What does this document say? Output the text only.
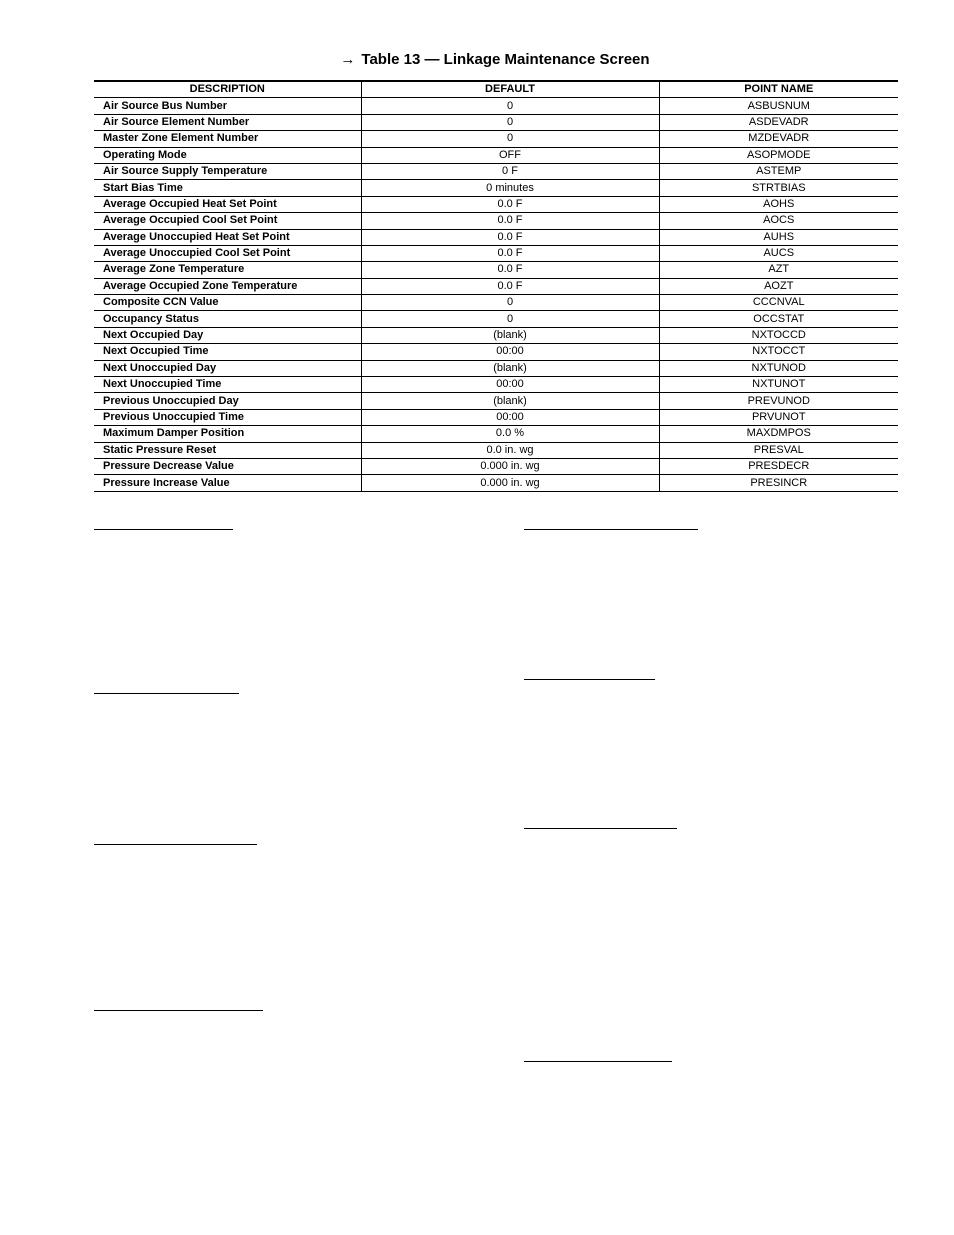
→ Table 13 — Linkage Maintenance Screen
DESCRIPTION	DEFAULT	POINT NAME
Air Source Bus Number	0	ASBUSNUM
Air Source Element Number	0	ASDEVADR
Master Zone Element Number	0	MZDEVADR
Operating Mode	OFF	ASOPMODE
Air Source Supply Temperature	0 F	ASTEMP
Start Bias Time	0 minutes	STRTBIAS
Average Occupied Heat Set Point	0.0 F	AOHS
Average Occupied Cool Set Point	0.0 F	AOCS
Average Unoccupied Heat Set Point	0.0 F	AUHS
Average Unoccupied Cool Set Point	0.0 F	AUCS
Average Zone Temperature	0.0 F	AZT
Average Occupied Zone Temperature	0.0 F	AOZT
Composite CCN Value	0	CCCNVAL
Occupancy Status	0	OCCSTAT
Next Occupied Day	(blank)	NXTOCCD
Next Occupied Time	00:00	NXTOCCT
Next Unoccupied Day	(blank)	NXTUNOD
Next Unoccupied Time	00:00	NXTUNOT
Previous Unoccupied Day	(blank)	PREVUNOD
Previous Unoccupied Time	00:00	PRVUNOT
Maximum Damper Position	0.0 %	MAXDMPOS
Static Pressure Reset	0.0 in. wg	PRESVAL
Pressure Decrease Value	0.000 in. wg	PRESDECR
Pressure Increase Value	0.000 in. wg	PRESINCR
